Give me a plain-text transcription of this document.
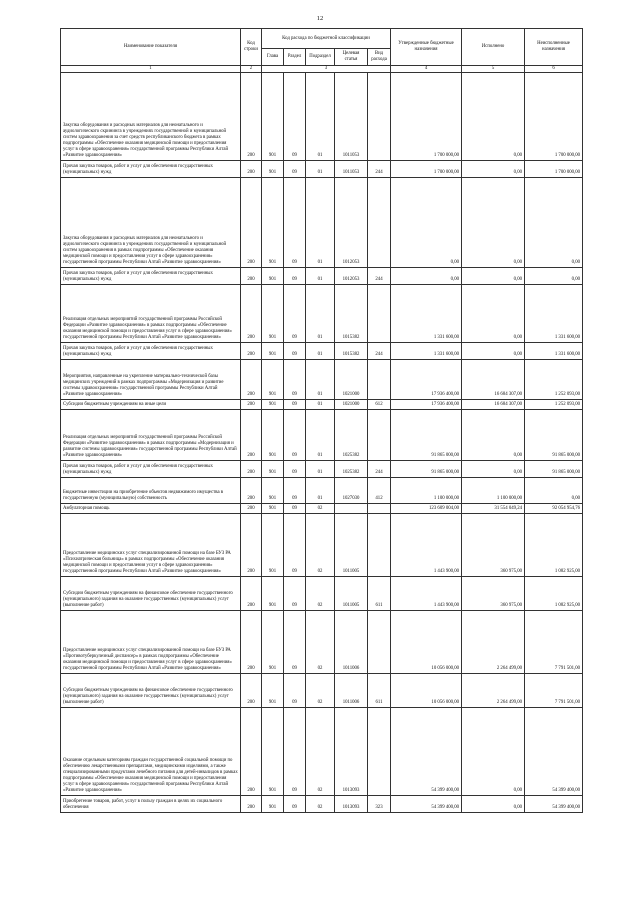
12
Наименование показателя	Код строки	Код расхода по бюджетной классификации					Утвержденные бюджетные назначения	Исполнено	Неисполненные назначения
		Глава	Раздел	Подраздел	Целевая статья	Вид расхода			
1	2	3					4	5	6
Закупка оборудования и расходных материалов для неонатального и аудиологического скрининга в учреждениях государственной и муниципальной систем здравоохранения за счет средств республиканского бюджета в рамках подпрограммы «Обеспечение оказания медицинской помощи и предоставления услуг в сфере здравоохранения» государственной программы Республики Алтай «Развитие здравоохранения»	200	901	09	01	1011053		1 700 000,00	0,00	1 700 000,00
Прочая закупка товаров, работ и услуг для обеспечения государственных (муниципальных) нужд	200	901	09	01	1011053	244	1 700 000,00	0,00	1 700 000,00
Закупка оборудования и расходных материалов для неонатального и аудиологического скрининга в учреждениях государственной и муниципальной систем здравоохранения в рамках подпрограммы «Обеспечение оказания медицинской помощи и предоставления услуг в сфере здравоохранения» государственной программы Республики Алтай «Развитие здравоохранения»	200	901	09	01	1012053		0,00	0,00	0,00
Прочая закупка товаров, работ и услуг для обеспечения государственных (муниципальных) нужд	200	901	09	01	1012053	244	0,00	0,00	0,00
Реализация отдельных мероприятий государственной программы Российской Федерации «Развитие здравоохранения» в рамках подпрограммы «Обеспечение оказания медицинской помощи и предоставления услуг в сфере здравоохранения» государственной программы Республики Алтай «Развитие здравоохранения»	200	901	09	01	1015382		1 331 600,00	0,00	1 331 600,00
Прочая закупка товаров, работ и услуг для обеспечения государственных (муниципальных) нужд	200	901	09	01	1015382	244	1 331 600,00	0,00	1 331 600,00
Мероприятия, направленные на укрепление материально-технической базы медицинских учреждений в рамках подпрограммы «Модернизация и развитие системы здравоохранения» государственной программы Республики Алтай «Развитие здравоохранения»	200	901	09	01	1021000		17 936 400,00	16 684 307,00	1 252 093,00
Субсидии бюджетным учреждениям на иные цели	200	901	09	01	1021000	612	17 936 400,00	16 684 307,00	1 252 093,00
Реализация отдельных мероприятий государственной программы Российской Федерации «Развитие здравоохранения» в рамках подпрограммы «Модернизация и развитие системы здравоохранения» государственной программы Республики Алтай «Развитие здравоохранения»	200	901	09	01	1025382		91 865 000,00	0,00	91 865 000,00
Прочая закупка товаров, работ и услуг для обеспечения государственных (муниципальных) нужд	200	901	09	01	1025382	244	91 865 000,00	0,00	91 865 000,00
Бюджетные инвестиции на приобретение объектов недвижимого имущества в государственную (муниципальную) собственность	200	901	09	01	1027030	412	1 100 000,00	1 100 000,00	0,00
Амбулаторная помощь	200	901	09	02			123 609 004,00	31 554 049,24	92 054 954,76
Предоставление медицинских услуг специализированной помощи на базе БУЗ РА «Психиатрическая больница» в рамках подпрограммы «Обеспечение оказания медицинской помощи и предоставления услуг в сфере здравоохранения» государственной программы Республики Алтай «Развитие здравоохранения»	200	901	09	02	1011005		1 443 900,00	360 975,00	1 082 925,00
Субсидии бюджетным учреждениям на финансовое обеспечение государственного (муниципального) задания на оказание государственных (муниципальных) услуг (выполнение работ)	200	901	09	02	1011005	611	1 443 900,00	360 975,00	1 082 925,00
Предоставление медицинских услуг специализированной помощи на базе БУЗ РА «Противотуберкулезный диспансер» в рамках подпрограммы «Обеспечение оказания медицинской помощи и предоставления услуг в сфере здравоохранения» государственной программы Республики Алтай «Развитие здравоохранения»	200	901	09	02	1011006		10 056 000,00	2 264 499,00	7 791 501,00
Субсидии бюджетным учреждениям на финансовое обеспечение государственного (муниципального) задания на оказание государственных (муниципальных) услуг (выполнение работ)	200	901	09	02	1011006	611	10 056 000,00	2 264 499,00	7 791 501,00
Оказание отдельным категориям граждан государственной социальной помощи по обеспечению лекарственными препаратами, медицинскими изделиями, а также специализированными продуктами лечебного питания для детей-инвалидов в рамках подпрограммы «Обеспечение оказания медицинской помощи и предоставления услуг в сфере здравоохранения» государственной программы Республики Алтай «Развитие здравоохранения»	200	901	09	02	1013093		54 399 400,00	0,00	54 399 400,00
Приобретение товаров, работ, услуг в пользу граждан в целях их социального обеспечения	200	901	09	02	1013093	323	54 399 400,00	0,00	54 399 400,00
